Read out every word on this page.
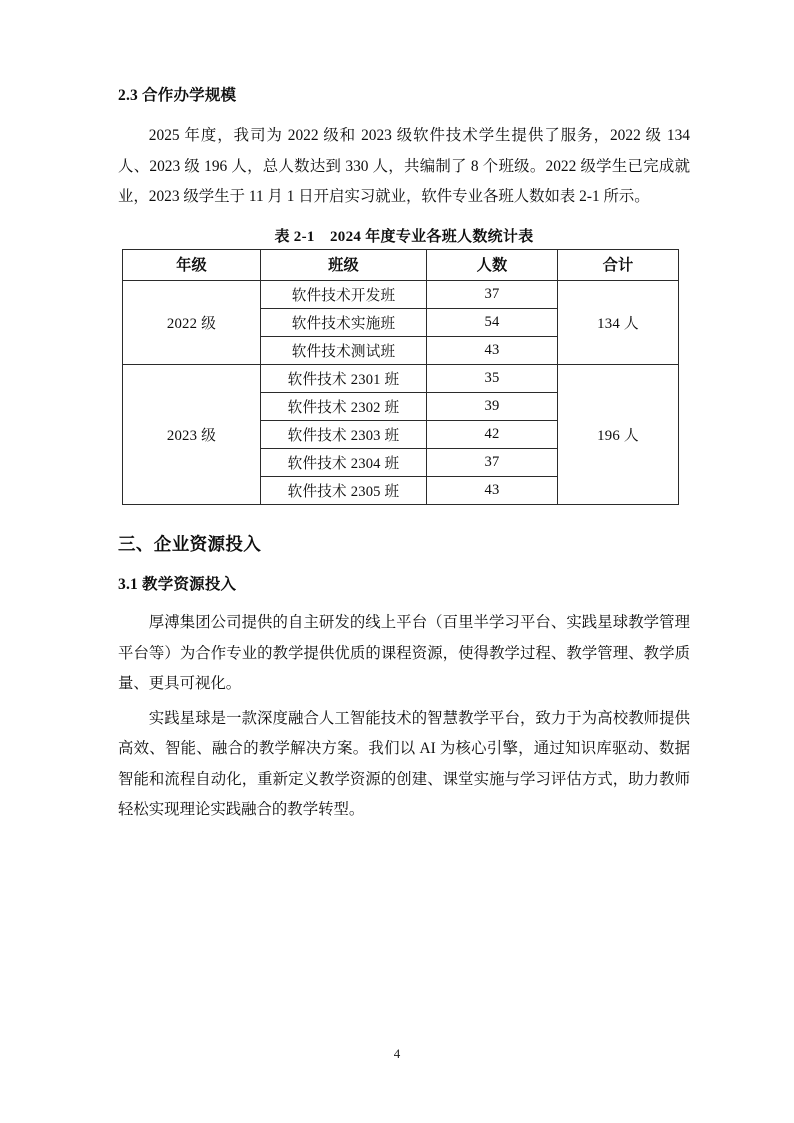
2.3 合作办学规模

2025 年度，我司为 2022 级和 2023 级软件技术学生提供了服务，2022 级 134 人、2023 级 196 人，总人数达到 330 人，共编制了 8 个班级。2022 级学生已完成就业，2023 级学生于 11 月 1 日开启实习就业，软件专业各班人数如表 2-1 所示。

表 2-1　2024 年度专业各班人数统计表
年级	班级	人数	合计
2022 级	软件技术开发班	37	134 人
	软件技术实施班	54	
	软件技术测试班	43	
2023 级	软件技术 2301 班	35	196 人
	软件技术 2302 班	39	
	软件技术 2303 班	42	
	软件技术 2304 班	37	
	软件技术 2305 班	43	
三、企业资源投入
3.1 教学资源投入

厚溥集团公司提供的自主研发的线上平台（百里半学习平台、实践星球教学管理平台等）为合作专业的教学提供优质的课程资源，使得教学过程、教学管理、教学质量、更具可视化。

实践星球是一款深度融合人工智能技术的智慧教学平台，致力于为高校教师提供高效、智能、融合的教学解决方案。我们以 AI 为核心引擎，通过知识库驱动、数据智能和流程自动化，重新定义教学资源的创建、课堂实施与学习评估方式，助力教师轻松实现理论实践融合的教学转型。

4
